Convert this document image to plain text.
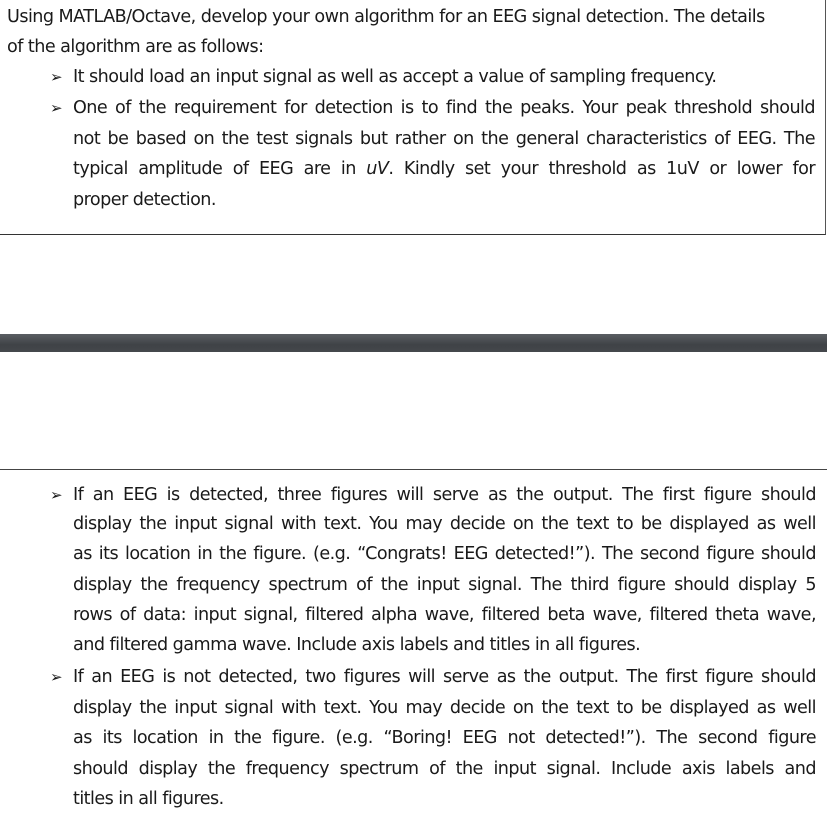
Using MATLAB/Octave, develop your own algorithm for an EEG signal detection. The details
of the algorithm are as follows:
➢ It should load an input signal as well as accept a value of sampling frequency.
➢ One of the requirement for detection is to find the peaks. Your peak threshold should
not be based on the test signals but rather on the general characteristics of EEG. The
typical amplitude of EEG are in uV. Kindly set your threshold as 1uV or lower for
proper detection.
➢ If an EEG is detected, three figures will serve as the output. The first figure should
display the input signal with text. You may decide on the text to be displayed as well
as its location in the figure. (e.g. “Congrats! EEG detected!”). The second figure should
display the frequency spectrum of the input signal. The third figure should display 5
rows of data: input signal, filtered alpha wave, filtered beta wave, filtered theta wave,
and filtered gamma wave. Include axis labels and titles in all figures.
➢ If an EEG is not detected, two figures will serve as the output. The first figure should
display the input signal with text. You may decide on the text to be displayed as well
as its location in the figure. (e.g. “Boring! EEG not detected!”). The second figure
should display the frequency spectrum of the input signal. Include axis labels and
titles in all figures.
